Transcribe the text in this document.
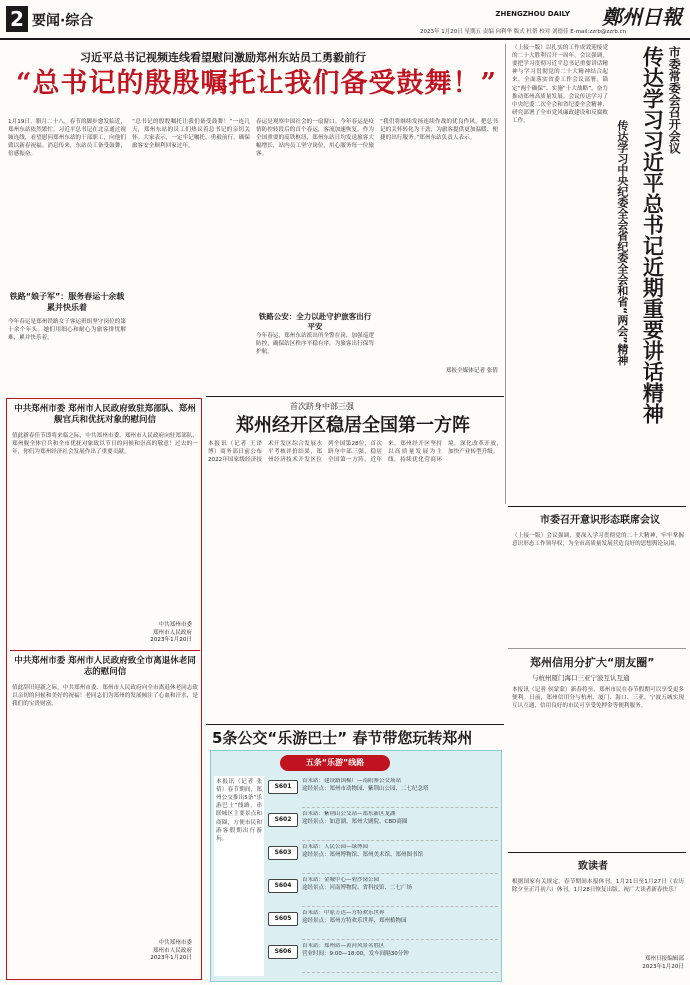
2 要闻·综合	ZHENGZHOU DAILY 鄭州日報
2023年 1月20日 星期五 责编 向利华 版式 杜帮 校对 刘德佳 E-mail:zzrb@zzrb.cn
习近平总书记视频连线看望慰问激励郑州东站员工勇毅前行
“总书记的殷殷嘱托让我们备受鼓舞！”
1月19日，腊月二十八，春节的脚步愈发临近，郑州东站依然繁忙。习近平总书记在北京通过视频连线，看望慰问郑州东站的干部职工，向他们致以新春祝福。消息传来，东站员工备受鼓舞，倍感振奋。
“总书记的殷殷嘱托让我们备受鼓舞！”一连几天，郑州东站的员工们热议着总书记的亲切关怀。大家表示，一定牢记嘱托、勇毅前行，确保旅客安全顺利回家过年。
春运是观察中国社会的一扇窗口。今年春运是疫情防控转段后的首个春运，客流加速恢复。作为全国重要的高铁枢纽，郑州东站日均发送旅客大幅增长，站内员工坚守岗位，用心服务每一位旅客。
“我们将继续发扬连续作战的优良作风，把总书记的关怀转化为干劲，为旅客提供更加温暖、便捷的出行服务。”郑州东站负责人表示。
郑报全媒体记者 张倩
铁路“娘子军”：服务春运十余载 累并快乐着
今年春运是郑州铁路女子客运班组坚守岗位的第十余个年头。她们用细心和耐心为旅客排忧解难，累并快乐着。
铁路公安：全力以赴守护旅客出行平安
今年春运，郑州东站派出所全警在岗，加强巡逻防控，确保站区秩序平稳有序，为旅客出行保驾护航。
（上接一版）以扎实的工作成效迎接党的二十大胜利召开一周年。会议强调，要把学习贯彻习近平总书记重要讲话精神与学习贯彻党的二十大精神结合起来，全面落实省委工作会议部署，锚定“两个确保”，实施“十大战略”，奋力推动郑州高质量发展。会议传达学习了中央纪委二次全会和省纪委全会精神，研究部署了全市党风廉政建设和反腐败工作。	市委常委会召开会议
传达学习习近平总书记近期重要讲话精神
传达学习中央纪委全会省纪委全会和省“两会”精神
中共郑州市委 郑州市人民政府致驻郑部队、郑州舰官兵和优抚对象的慰问信
值此新春佳节即将来临之际，中共郑州市委、郑州市人民政府向驻郑部队、郑州舰全体官兵和全市优抚对象致以节日的问候和崇高的敬意！过去的一年，你们为郑州经济社会发展作出了重要贡献。
中共郑州市委
郑州市人民政府
2023年1月20日
中共郑州市委 郑州市人民政府致全市离退休老同志的慰问信
值此辞旧迎新之际，中共郑州市委、郑州市人民政府向全市离退休老同志致以亲切的问候和美好的祝福！老同志们为郑州的发展倾注了心血和汗水，是我们的宝贵财富。
中共郑州市委
郑州市人民政府
2023年1月20日
首次跻身中部三强
郑州经开区稳居全国第一方阵
本报讯（记者 王译博）商务部日前公布2022年国家级经济技术开发区综合发展水平考核评价结果，郑州经济技术开发区位列全国第28位，首次跻身中部三强，稳居全国第一方阵。近年来，郑州经开区坚持以高质量发展为主线，持续优化营商环境，深化改革开放，加快产业转型升级。
市委召开意识形态联席会议
（上接一版）会议强调，要深入学习贯彻党的二十大精神，牢牢掌握意识形态工作领导权，为全市高质量发展营造良好的思想舆论氛围。
郑州信用分扩大“朋友圈”
与杭州厦门海口三亚宁波互认互通
本报讯（记者 侯蒙蒙）新春将至，郑州市民在春节假期可以享受更多便利。日前，郑州信用分与杭州、厦门、海口、三亚、宁波五城实现互认互通，信用良好的市民可享受免押金等便利服务。
致读者
根据国家有关规定，春节期间本报休刊。1月21日至1月27日（农历除夕至正月初六）休刊，1月28日恢复出版。祝广大读者新春快乐！
郑州日报编辑部
2023年1月20日
5条公交“乐游巴士” 春节带您玩转郑州
五条“乐游”线路
本报讯（记者 张倩）春节期间，郑州公交推出5条“乐游巴士”线路，串联城区主要景点和商圈，方便市民和游客假期出行游玩。
S601
首末站：建设路国棉厂—南阳寨公交场站
途经景点：郑州市动物园、紫荆山公园、二七纪念塔
S602
首末站：紫荆山公交站—郑东新区龙湖
途经景点：如意湖、郑州大剧院、CBD商圈
S603
首末站：人民公园—绿博园
途经景点：郑州博物馆、郑州美术馆、郑州图书馆
S604
首末站：金城中心—碧沙岗公园
途经景点：河南博物院、省科技馆、二七广场
S605
首末站：中原万达—方特欢乐世界
途经景点：郑州方特欢乐世界、郑州植物园
S606
首末站：郑州站—黄河风景名胜区
营业时间：9:00—18:00，发车间隔30分钟
